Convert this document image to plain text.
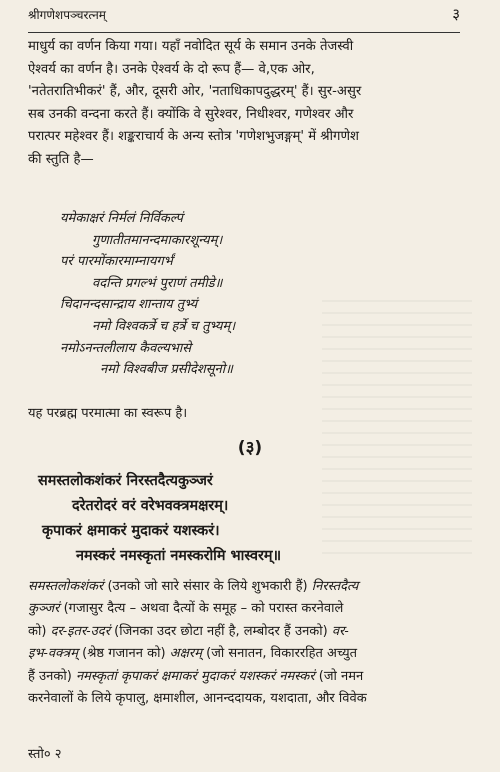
श्रीगणेशपञ्चरत्नम्	३
माधुर्य का वर्णन किया गया। यहाँ नवोदित सूर्य के समान उनके तेजस्वी
ऐश्वर्य का वर्णन है। उनके ऐश्वर्य के दो रूप हैं— वे,एक ओर,
'नतेतरातिभीकरं' हैं, और, दूसरी ओर, 'नताधिकापदुद्धरम्' हैं। सुर-असुर
सब उनकी वन्दना करते हैं। क्योंकि वे सुरेश्वर, निधीश्वर, गणेश्वर और
परात्पर महेश्वर हैं। शङ्कराचार्य के अन्य स्तोत्र 'गणेशभुजङ्गम्' में श्रीगणेश
की स्तुति है—
यमेकाक्षरं निर्मलं निर्विकल्पं
गुणातीतमानन्दमाकारशून्यम्।
परं पारमोंकारमाम्नायगर्भं
वदन्ति प्रगल्भं पुराणं तमीडे॥
चिदानन्दसान्द्राय शान्ताय तुभ्यं
नमो विश्वकर्त्रे च हर्त्रे च तुभ्यम्।
नमोऽनन्तलीलाय कैवल्यभासे
नमो विश्वबीज प्रसीदेशसूनो॥
यह परब्रह्म परमात्मा का स्वरूप है।
(३)
समस्तलोकशंकरं निरस्तदैत्यकुञ्जरं
दरेतरोदरं वरं वरेभवक्त्रमक्षरम्।
कृपाकरं क्षमाकरं मुदाकरं यशस्करं।
नमस्करं नमस्कृतां नमस्करोमि भास्वरम्॥
समस्तलोकशंकरं (उनको जो सारे संसार के लिये शुभकारी हैं) निरस्तदैत्य
कुञ्जरं (गजासुर दैत्य – अथवा दैत्यों के समूह – को परास्त करनेवाले
को) दर-इतर-उदरं (जिनका उदर छोटा नहीं है, लम्बोदर हैं उनको) वर-
इभ-वक्त्रम् (श्रेष्ठ गजानन को) अक्षरम् (जो सनातन, विकाररहित अच्युत
हैं उनको) नमस्कृतां कृपाकरं क्षमाकरं मुदाकरं यशस्करं नमस्करं (जो नमन
करनेवालों के लिये कृपालु, क्षमाशील, आनन्ददायक, यशदाता, और विवेक
स्तो० २
